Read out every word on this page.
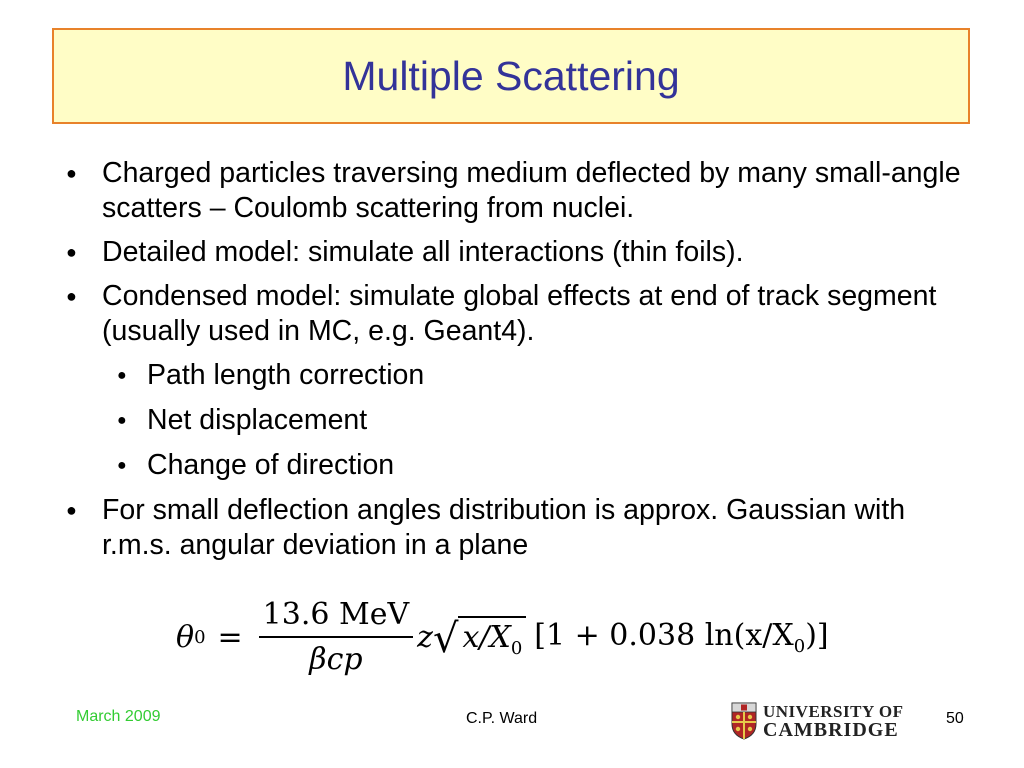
Multiple Scattering
● Charged particles traversing medium deflected by many small-angle scatters – Coulomb scattering from nuclei.
● Detailed model: simulate all interactions (thin foils).
● Condensed model: simulate global effects at end of track segment (usually used in MC, e.g. Geant4).
● Path length correction
● Net displacement
● Change of direction
● For small deflection angles distribution is approx. Gaussian with r.m.s. angular deviation in a plane
θ $0 = \frac{\text{13.6 MeV}}{\text{βcp}}$ z √ $x/X_0$ [1 + 0.038 $\ln(x/X_0)$]
March 2009	C.P. Ward	UNIVERSITY OF
CAMBRIDGE
50
